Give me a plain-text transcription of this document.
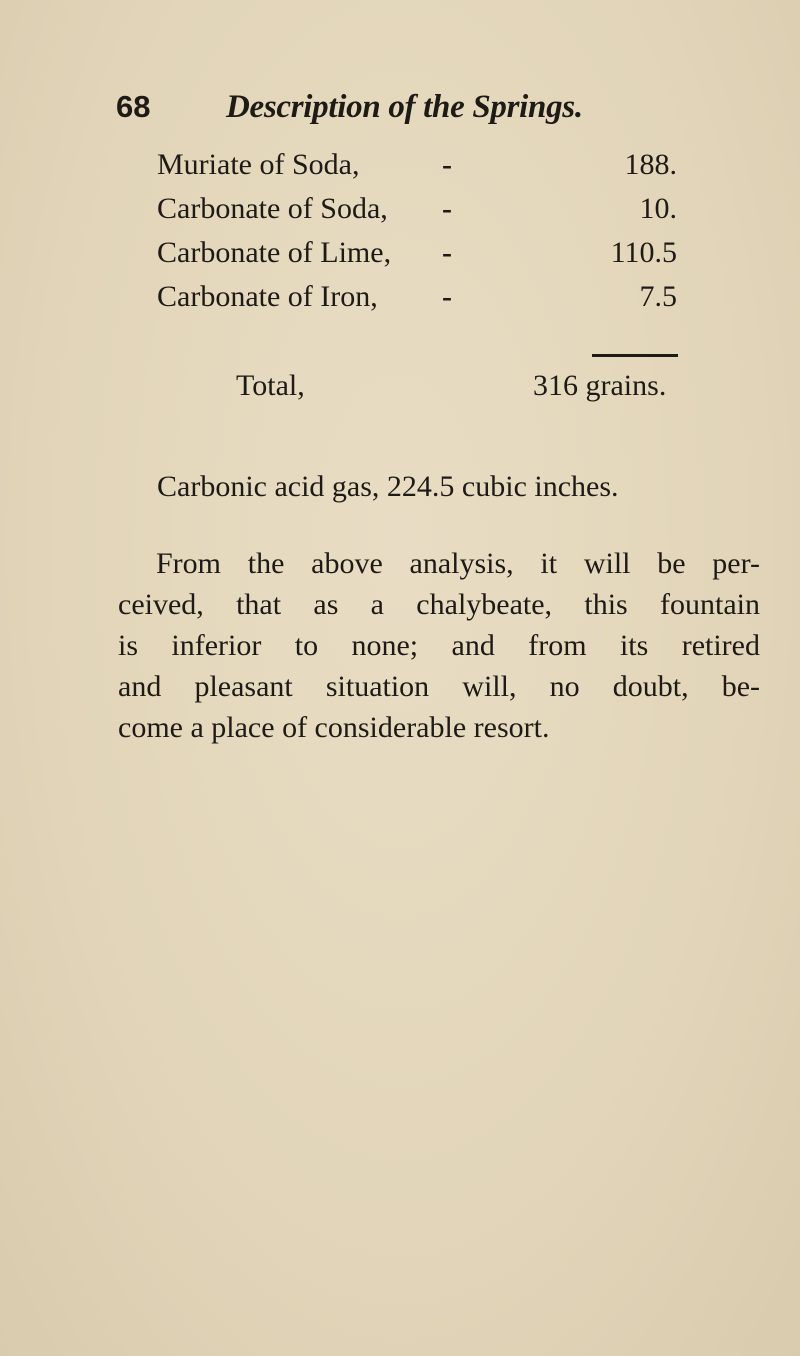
68 Description of the Springs.
Muriate of Soda,	-	188.
Carbonate of Soda, -	10.
Carbonate of Lime, -	110.5
Carbonate of Iron, -	7.5
Total,	316 grains.
Carbonic acid gas, 224.5 cubic inches.
From the above analysis, it will be per-
ceived, that as a chalybeate, this fountain
is inferior to none; and from its retired
and pleasant situation will, no doubt, be-
come a place of considerable resort.
